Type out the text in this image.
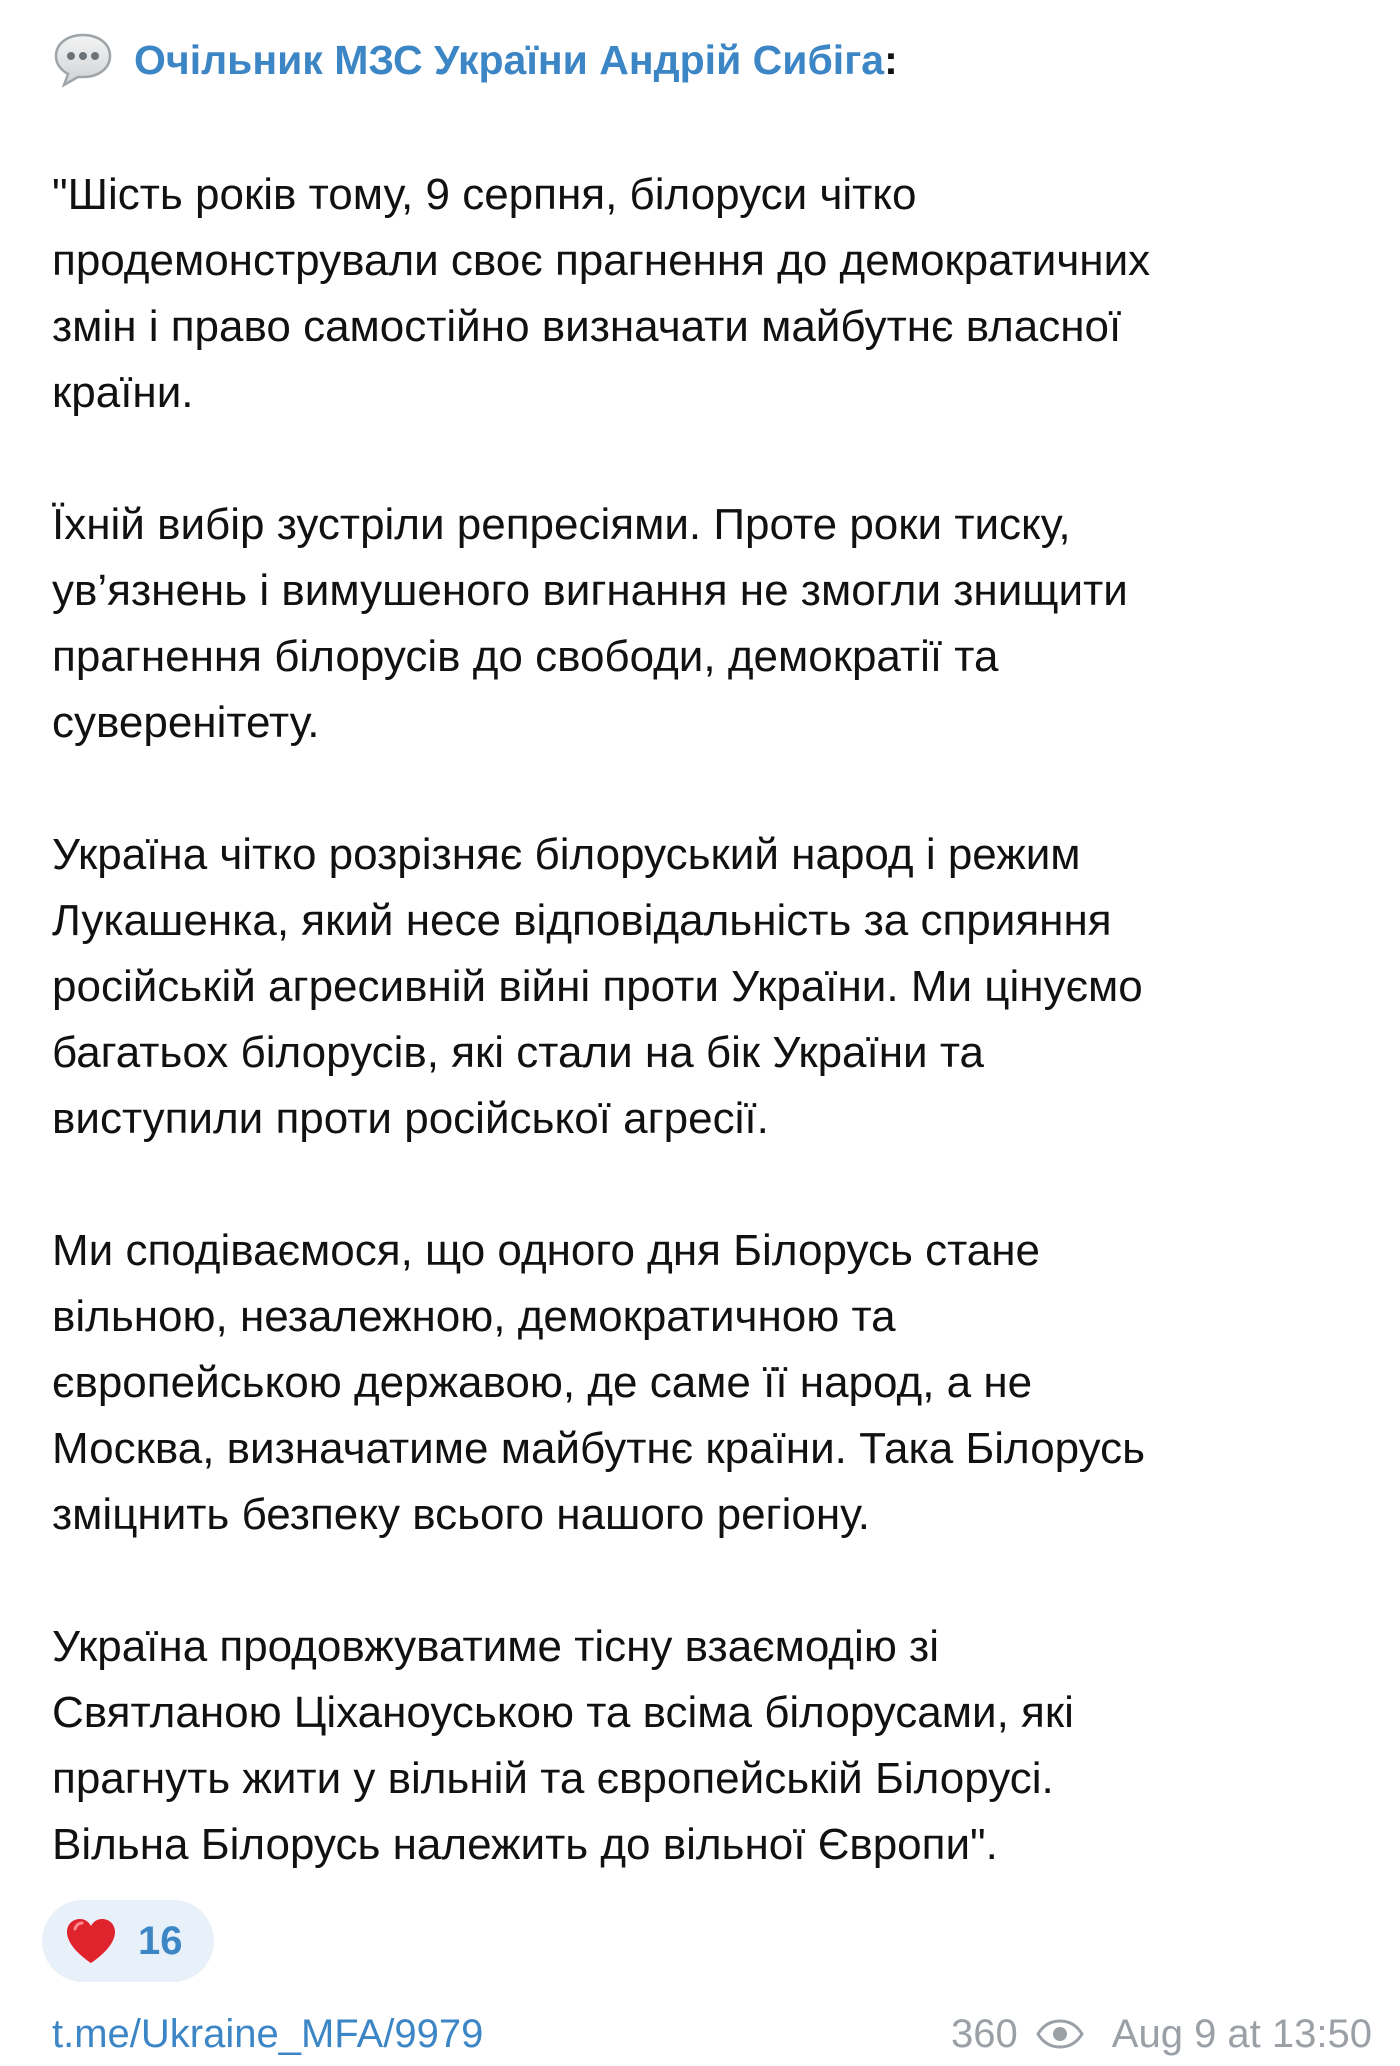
Очільник МЗС України Андрій Сибіга :

"Шість років тому, 9 серпня, білоруси чітко
продемонстрували своє прагнення до демократичних
змін і право самостійно визначати майбутнє власної
країни.

Їхній вибір зустріли репресіями. Проте роки тиску,
ув’язнень і вимушеного вигнання не змогли знищити
прагнення білорусів до свободи, демократії та
суверенітету.

Україна чітко розрізняє білоруський народ і режим
Лукашенка, який несе відповідальність за сприяння
російській агресивній війні проти України. Ми цінуємо
багатьох білорусів, які стали на бік України та
виступили проти російської агресії.

Ми сподіваємося, що одного дня Білорусь стане
вільною, незалежною, демократичною та
європейською державою, де саме її народ, а не
Москва, визначатиме майбутнє країни. Така Білорусь
зміцнить безпеку всього нашого регіону.

Україна продовжуватиме тісну взаємодію зі
Святланою Ціханоуською та всіма білорусами, які
прагнуть жити у вільній та європейській Білорусі.
Вільна Білорусь належить до вільної Європи".

16
t.me/Ukraine_MFA/9979	360 Aug 9 at 13:50
